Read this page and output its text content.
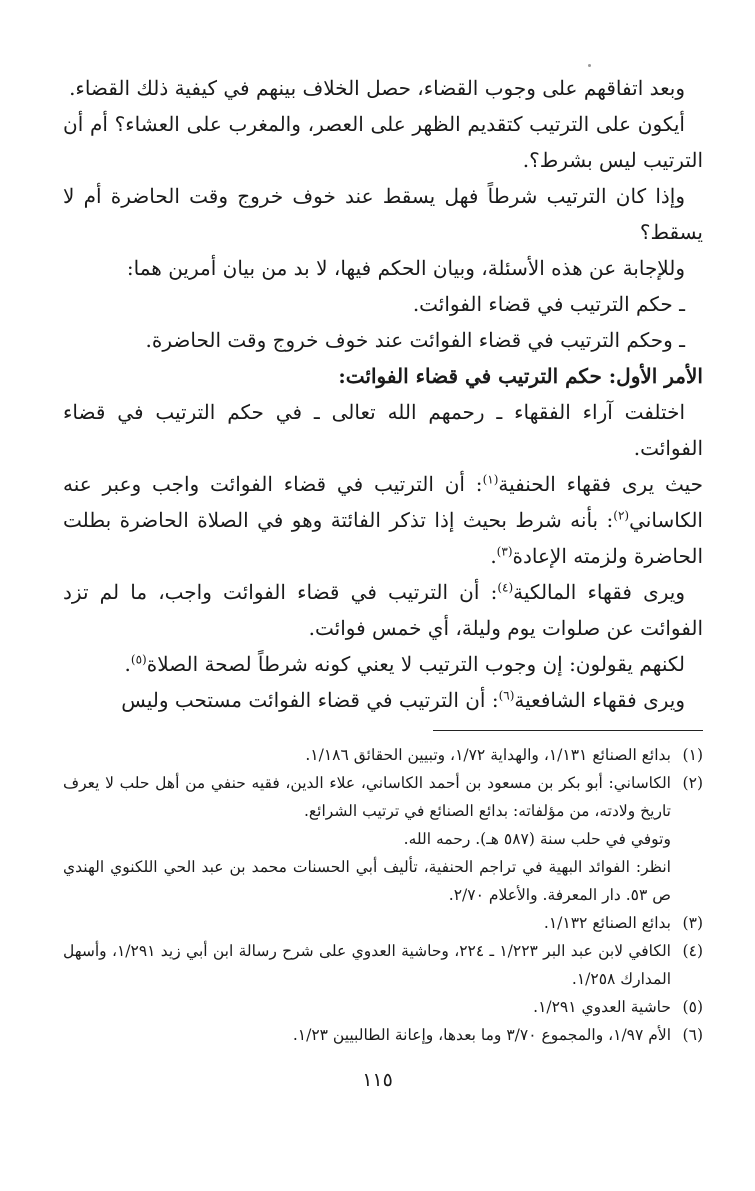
وبعد اتفاقهم على وجوب القضاء، حصل الخلاف بينهم في كيفية ذلك القضاء.

أيكون على الترتيب كتقديم الظهر على العصر، والمغرب على العشاء؟ أم أن الترتيب ليس بشرط؟.

وإذا كان الترتيب شرطاً فهل يسقط عند خوف خروج وقت الحاضرة أم لا يسقط؟

وللإجابة عن هذه الأسئلة، وبيان الحكم فيها، لا بد من بيان أمرين هما:

ـ حكم الترتيب في قضاء الفوائت.

ـ وحكم الترتيب في قضاء الفوائت عند خوف خروج وقت الحاضرة.

الأمر الأول: حكم الترتيب في قضاء الفوائت:

اختلفت آراء الفقهاء ـ رحمهم الله تعالى ـ في حكم الترتيب في قضاء الفوائت.

حيث يرى فقهاء الحنفية$^{(١)}$: أن الترتيب في قضاء الفوائت واجب وعبر عنه الكاساني$^{(٢)}$: بأنه شرط بحيث إذا تذكر الفائتة وهو في الصلاة الحاضرة بطلت الحاضرة ولزمته الإعادة$^{(٣)}$.

ويرى فقهاء المالكية$^{(٤)}$: أن الترتيب في قضاء الفوائت واجب، ما لم تزد الفوائت عن صلوات يوم وليلة، أي خمس فوائت.

لكنهم يقولون: إن وجوب الترتيب لا يعني كونه شرطاً لصحة الصلاة$^{(٥)}$.

ويرى فقهاء الشافعية$^{(٦)}$: أن الترتيب في قضاء الفوائت مستحب وليس

(١)

بدائع الصنائع ١/١٣١، والهداية ١/٧٢، وتبيين الحقائق ١/١٨٦.

(٢)

الكاساني: أبو بكر بن مسعود بن أحمد الكاساني، علاء الدين، فقيه حنفي من أهل حلب لا يعرف تاريخ ولادته، من مؤلفاته: بدائع الصنائع في ترتيب الشرائع.

وتوفي في حلب سنة (٥٨٧ هـ). رحمه الله.

انظر: الفوائد البهية في تراجم الحنفية، تأليف أبي الحسنات محمد بن عبد الحي اللكنوي الهندي ص ٥٣. دار المعرفة. والأعلام ٢/٧٠.

(٣)

بدائع الصنائع ١/١٣٢.

(٤)

الكافي لابن عبد البر ١/٢٢٣ ـ ٢٢٤، وحاشية العدوي على شرح رسالة ابن أبي زيد ١/٢٩١، وأسهل المدارك ١/٢٥٨.

(٥)

حاشية العدوي ١/٢٩١.

(٦)

الأم ١/٩٧، والمجموع ٣/٧٠ وما بعدها، وإعانة الطالبيين ١/٢٣.

١١٥
